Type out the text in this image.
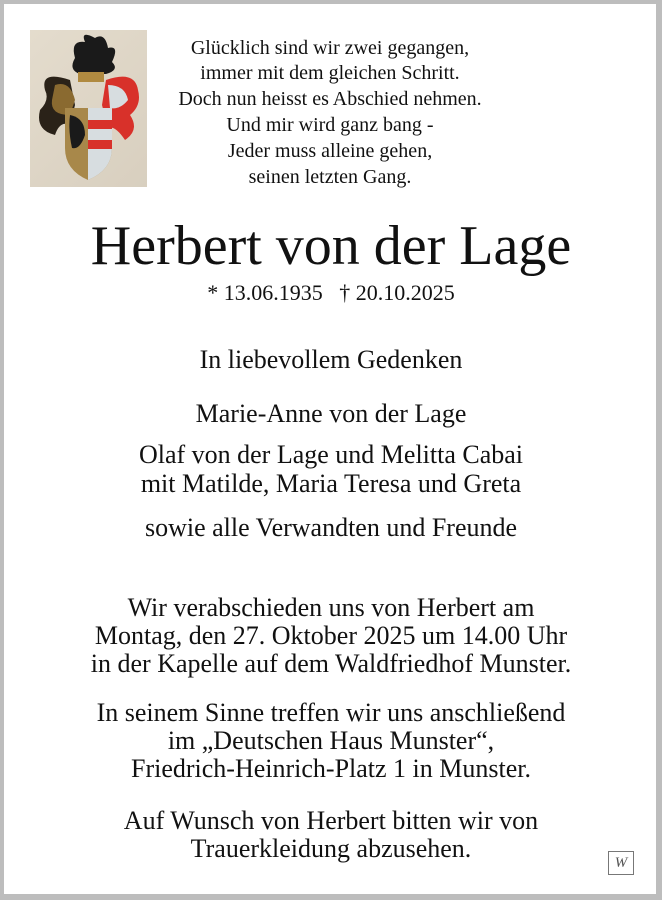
Glücklich sind wir zwei gegangen,
immer mit dem gleichen Schritt.
Doch nun heisst es Abschied nehmen.
Und mir wird ganz bang -
Jeder muss alleine gehen,
seinen letzten Gang.
Herbert von der Lage
* 13.06.1935   † 20.10.2025
In liebevollem Gedenken
Marie-Anne von der Lage
Olaf von der Lage und Melitta Cabai
mit Matilde, Maria Teresa und Greta
sowie alle Verwandten und Freunde
Wir verabschieden uns von Herbert am
Montag, den 27. Oktober 2025 um 14.00 Uhr
in der Kapelle auf dem Waldfriedhof Munster.
In seinem Sinne treffen wir uns anschließend
im „Deutschen Haus Munster“,
Friedrich-Heinrich-Platz 1 in Munster.
Auf Wunsch von Herbert bitten wir von
Trauerkleidung abzusehen.	W
